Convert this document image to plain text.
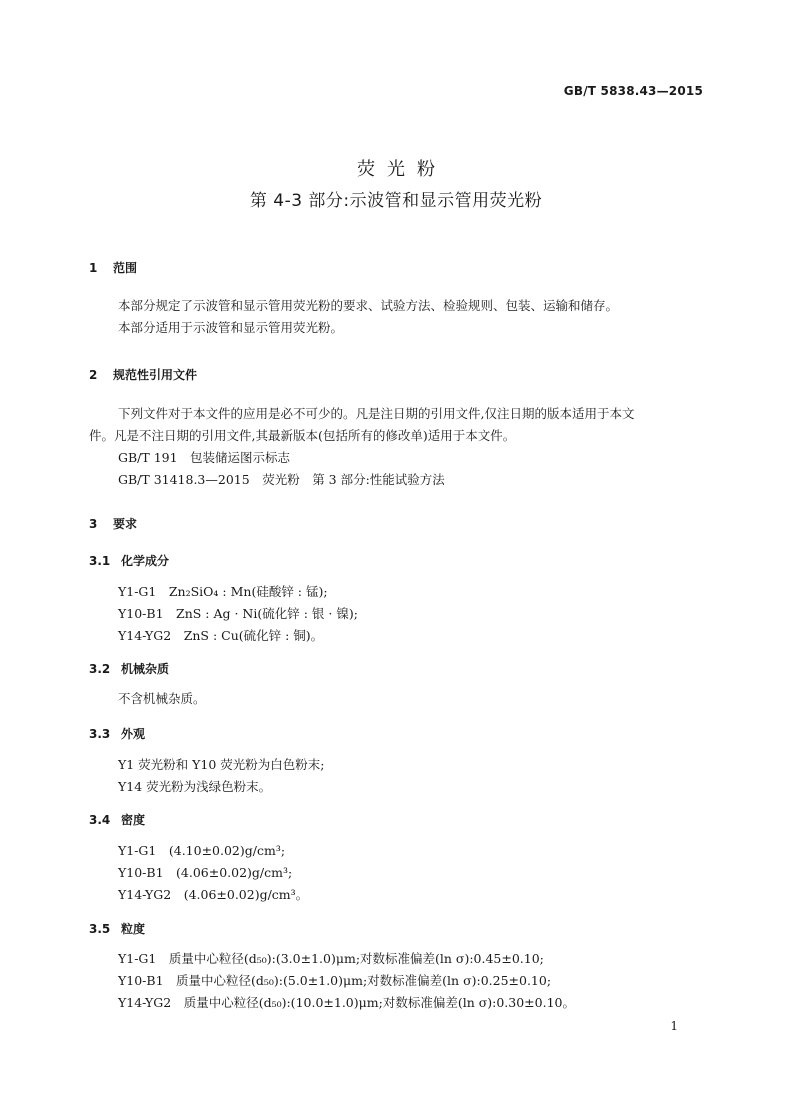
GB/T 5838.43—2015
荧光粉
第 4-3 部分:示波管和显示管用荧光粉
1 范围
本部分规定了示波管和显示管用荧光粉的要求、试验方法、检验规则、包装、运输和储存。
本部分适用于示波管和显示管用荧光粉。
2 规范性引用文件
下列文件对于本文件的应用是必不可少的。凡是注日期的引用文件,仅注日期的版本适用于本文
件。凡是不注日期的引用文件,其最新版本(包括所有的修改单)适用于本文件。
GB/T 191　包装储运图示标志
GB/T 31418.3—2015　荧光粉　第 3 部分:性能试验方法
3 要求
3.1 化学成分
Y1-G1　Zn₂SiO₄ : Mn(硅酸锌 : 锰);
Y10-B1　ZnS : Ag · Ni(硫化锌 : 银 · 镍);
Y14-YG2　ZnS : Cu(硫化锌 : 铜)。
3.2 机械杂质
不含机械杂质。
3.3 外观
Y1 荧光粉和 Y10 荧光粉为白色粉末;
Y14 荧光粉为浅绿色粉末。
3.4 密度
Y1-G1　(4.10±0.02)g/cm³;
Y10-B1　(4.06±0.02)g/cm³;
Y14-YG2　(4.06±0.02)g/cm³。
3.5 粒度
Y1-G1　质量中心粒径(d₅₀):(3.0±1.0)μm;对数标准偏差(ln σ):0.45±0.10;
Y10-B1　质量中心粒径(d₅₀):(5.0±1.0)μm;对数标准偏差(ln σ):0.25±0.10;
Y14-YG2　质量中心粒径(d₅₀):(10.0±1.0)μm;对数标准偏差(ln σ):0.30±0.10。
1
